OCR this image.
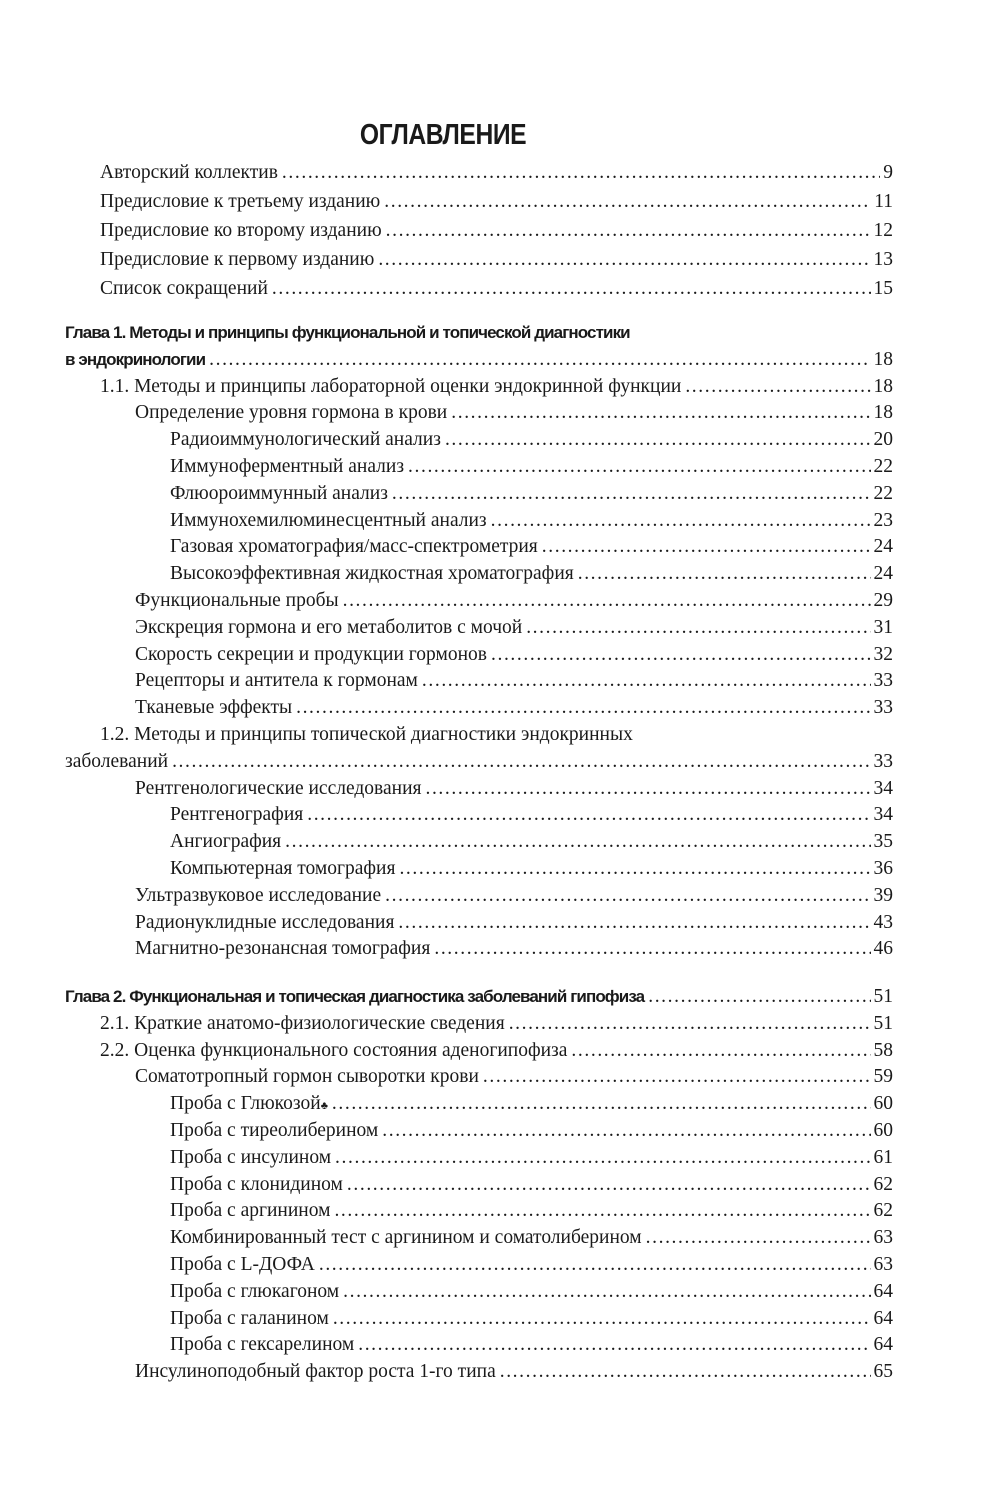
ОГЛАВЛЕНИЕ
Авторский коллектив .....	9
Предисловие к третьему изданию .....	11
Предисловие ко второму изданию .....	12
Предисловие к первому изданию .....	13
Список сокращений .....	15
Глава 1. Методы и принципы функциональной и топической диагностики
в эндокринологии .....	18
1.1. Методы и принципы лабораторной оценки эндокринной функции .....	18
Определение уровня гормона в крови .....	18
Радиоиммунологический анализ .....	20
Иммуноферментный анализ .....	22
Флюороиммунный анализ .....	22
Иммунохемилюминесцентный анализ .....	23
Газовая хроматография/масс-спектрометрия .....	24
Высокоэффективная жидкостная хроматография .....	24
Функциональные пробы .....	29
Экскреция гормона и его метаболитов с мочой .....	31
Скорость секреции и продукции гормонов .....	32
Рецепторы и антитела к гормонам .....	33
Тканевые эффекты .....	33
1.2. Методы и принципы топической диагностики эндокринных
заболеваний .....	33
Рентгенологические исследования .....	34
Рентгенография .....	34
Ангиография .....	35
Компьютерная томография .....	36
Ультразвуковое исследование .....	39
Радионуклидные исследования .....	43
Магнитно-резонансная томография .....	46
Глава 2. Функциональная и топическая диагностика заболеваний гипофиза .....	51
2.1. Краткие анатомо-физиологические сведения .....	51
2.2. Оценка функционального состояния аденогипофиза .....	58
Соматотропный гормон сыворотки крови .....	59
Проба с Глюкозой ♣ .....	60
Проба с тиреолиберином .....	60
Проба с инсулином .....	61
Проба с клонидином .....	62
Проба с аргинином .....	62
Комбинированный тест с аргинином и соматолиберином .....	63
Проба с L-ДОФА .....	63
Проба с глюкагоном .....	64
Проба с галанином .....	64
Проба с гексарелином .....	64
Инсулиноподобный фактор роста 1-го типа .....	65
